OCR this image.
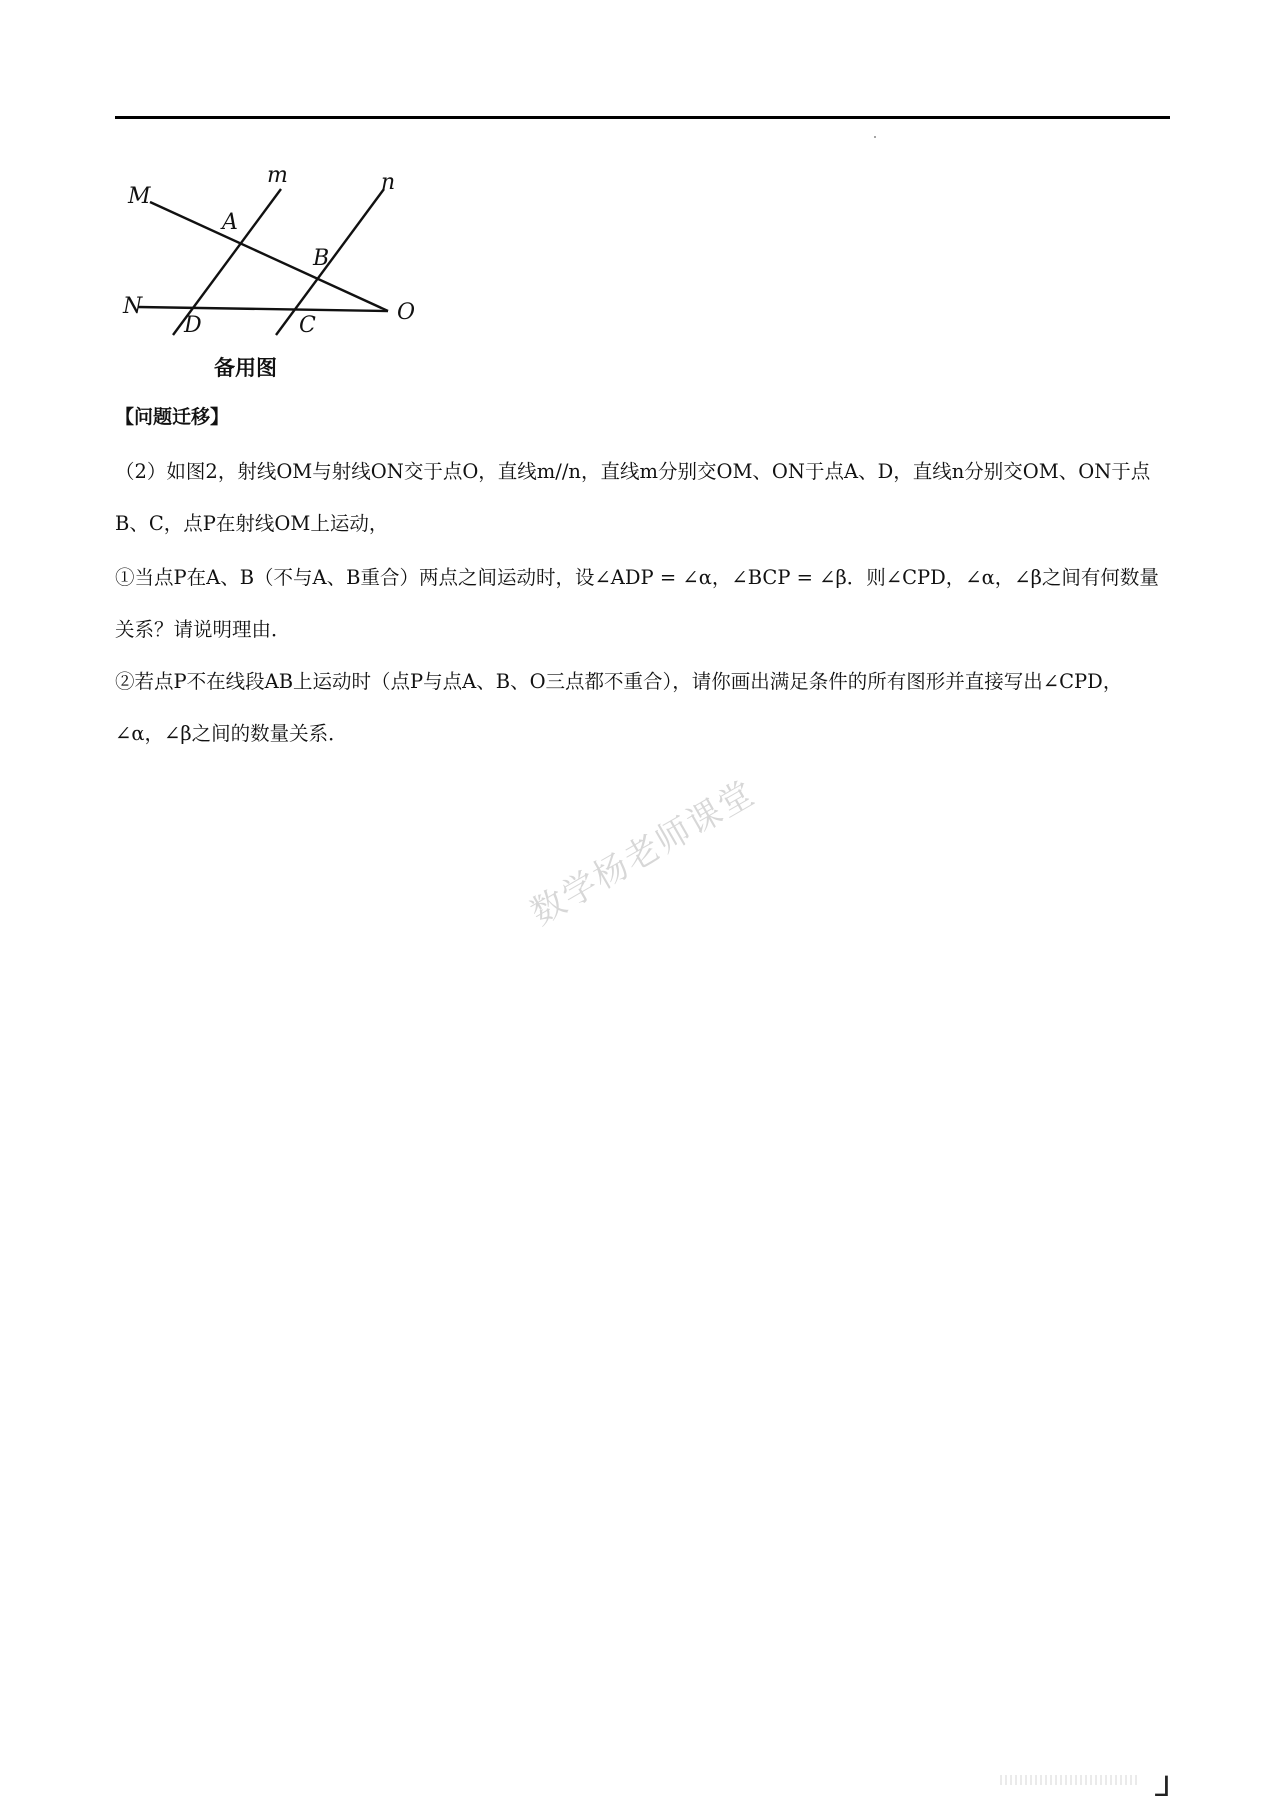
M
N
m	n
A
B
D	C
O
备用图
【问题迁移】
（2）如图2，射线OM与射线ON交于点O，直线m//n，直线m分别交OM、ON于点A、D，直线n分别交OM、ON于点B、C，点P在射线OM上运动，
①当点P在A、B（不与A、B重合）两点之间运动时，设∠ADP = ∠α，∠BCP = ∠β．则∠CPD，∠α，∠β之间有何数量关系？请说明理由．
②若点P不在线段AB上运动时（点P与点A、B、O三点都不重合），请你画出满足条件的所有图形并直接写出∠CPD，∠α，∠β之间的数量关系．
数学杨老师课堂
⅃
